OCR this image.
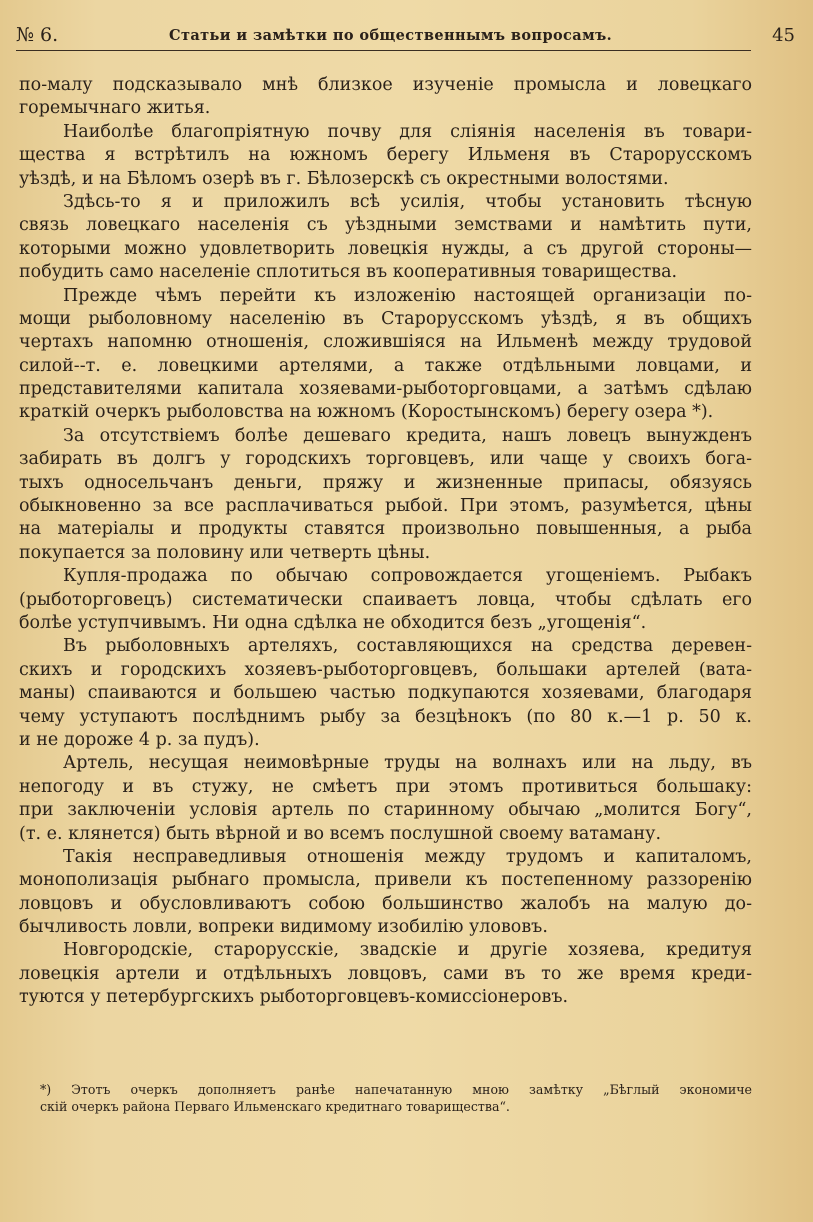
№ 6.	Статьи и замѣтки по общественнымъ вопросамъ.	45
по-малу подсказывало мнѣ близкое изученіе промысла и ловецкаго
горемычнаго житья.
Наиболѣе благопріятную почву для сліянія населенія въ товари-
щества я встрѣтилъ на южномъ берегу Ильменя въ Старорусскомъ
уѣздѣ, и на Бѣломъ озерѣ въ г. Бѣлозерскѣ съ окрестными волостями.
Здѣсь-то я и приложилъ всѣ усилія, чтобы установить тѣсную
связь ловецкаго населенія съ уѣздными земствами и намѣтить пути,
которыми можно удовлетворить ловецкія нужды, а съ другой стороны—
побудить само населеніе сплотиться въ кооперативныя товарищества.
Прежде чѣмъ перейти къ изложенію настоящей организаціи по-
мощи рыболовному населенію въ Старорусскомъ уѣздѣ, я въ общихъ
чертахъ напомню отношенія, сложившіяся на Ильменѣ между трудовой
силой--т. е. ловецкими артелями, а также отдѣльными ловцами, и
представителями капитала хозяевами-рыботорговцами, а затѣмъ сдѣлаю
краткій очеркъ рыболовства на южномъ (Коростынскомъ) берегу озера *).
За отсутствіемъ болѣе дешеваго кредита, нашъ ловецъ вынужденъ
забирать въ долгъ у городскихъ торговцевъ, или чаще у своихъ бога-
тыхъ односельчанъ деньги, пряжу и жизненные припасы, обязуясь
обыкновенно за все расплачиваться рыбой. При этомъ, разумѣется, цѣны
на матеріалы и продукты ставятся произвольно повышенныя, а рыба
покупается за половину или четверть цѣны.
Купля-продажа по обычаю сопровождается угощеніемъ. Рыбакъ
(рыботорговецъ) систематически спаиваетъ ловца, чтобы сдѣлать его
болѣе уступчивымъ. Ни одна сдѣлка не обходится безъ „угощенія“.
Въ рыболовныхъ артеляхъ, составляющихся на средства деревен-
скихъ и городскихъ хозяевъ-рыботорговцевъ, большаки артелей (вата-
маны) спаиваются и большею частью подкупаются хозяевами, благодаря
чему уступаютъ послѣднимъ рыбу за безцѣнокъ (по 80 к.—1 р. 50 к.
и не дороже 4 р. за пудъ).
Артель, несущая неимовѣрные труды на волнахъ или на льду, въ
непогоду и въ стужу, не смѣетъ при этомъ противиться большаку:
при заключеніи условія артель по старинному обычаю „молится Богу“,
(т. е. клянется) быть вѣрной и во всемъ послушной своему ватаману.
Такія несправедливыя отношенія между трудомъ и капиталомъ,
монополизація рыбнаго промысла, привели къ постепенному раззоренію
ловцовъ и обусловливаютъ собою большинство жалобъ на малую до-
бычливость ловли, вопреки видимому изобилію улововъ.
Новгородскіе, старорусскіе, звадскіе и другіе хозяева, кредитуя
ловецкія артели и отдѣльныхъ ловцовъ, сами въ то же время креди-
туются у петербургскихъ рыботорговцевъ-комиссіонеровъ.
*) Этотъ очеркъ дополняетъ ранѣе напечатанную мною замѣтку „Бѣглый экономиче
скій очеркъ района Перваго Ильменскаго кредитнаго товарищества“.
